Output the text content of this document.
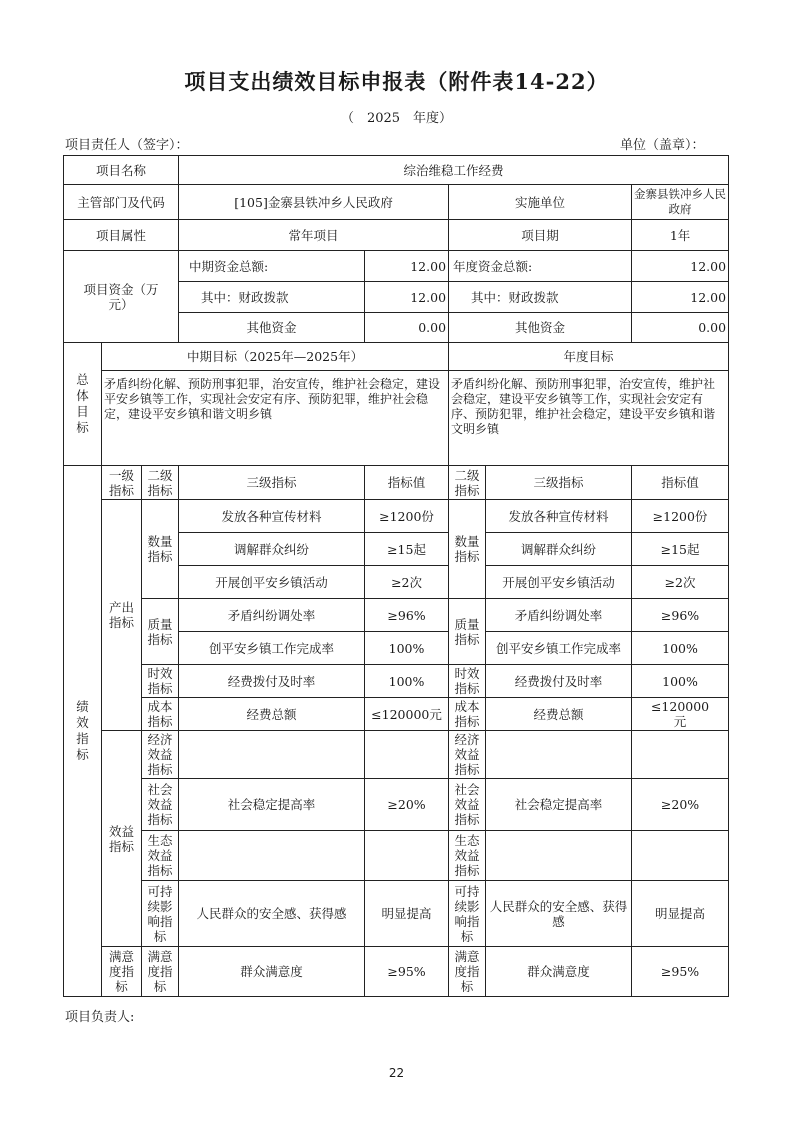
项目支出绩效目标申报表（附件表14-22）
（　2025　年度）
项目责任人（签字）：	单位（盖章）：
项目名称			综治维稳工作经费				
主管部门及代码			[105]金寨县铁冲乡人民政府		实施单位		金寨县铁冲乡人民政府
项目属性			常年项目		项目期		1年
项目资金（万元）			中期资金总额:	12.00	年度资金总额:		12.00
			其中：财政拨款	12.00	其中：财政拨款		12.00
			其他资金	0.00	其他资金		0.00
总体目标	中期目标（2025年—2025年）				年度目标		
	矛盾纠纷化解、预防刑事犯罪，治安宣传，维护社会稳定，建设平安乡镇等工作，实现社会安定有序、预防犯罪，维护社会稳定，建设平安乡镇和谐文明乡镇				矛盾纠纷化解、预防刑事犯罪，治安宣传，维护社会稳定，建设平安乡镇等工作，实现社会安定有序、预防犯罪，维护社会稳定，建设平安乡镇和谐文明乡镇		
绩效指标	一级指标	二级指标	三级指标	指标值	二级指标	三级指标	指标值
	产出指标	数量指标	发放各种宣传材料	≥1200份	数量指标	发放各种宣传材料	≥1200份
			调解群众纠纷	≥15起		调解群众纠纷	≥15起
			开展创平安乡镇活动	≥2次		开展创平安乡镇活动	≥2次
		质量指标	矛盾纠纷调处率	≥96%	质量指标	矛盾纠纷调处率	≥96%
			创平安乡镇工作完成率	100%		创平安乡镇工作完成率	100%
		时效指标	经费拨付及时率	100%	时效指标	经费拨付及时率	100%
		成本指标	经费总额	≤120000元	成本指标	经费总额	≤120000元
	效益指标	经济效益指标			经济效益指标		
		社会效益指标	社会稳定提高率	≥20%	社会效益指标	社会稳定提高率	≥20%
		生态效益指标			生态效益指标		
		可持续影响指标	人民群众的安全感、获得感	明显提高	可持续影响指标	人民群众的安全感、获得感	明显提高
	满意度指标	满意度指标	群众满意度	≥95%	满意度指标	群众满意度	≥95%
项目负责人:
22
